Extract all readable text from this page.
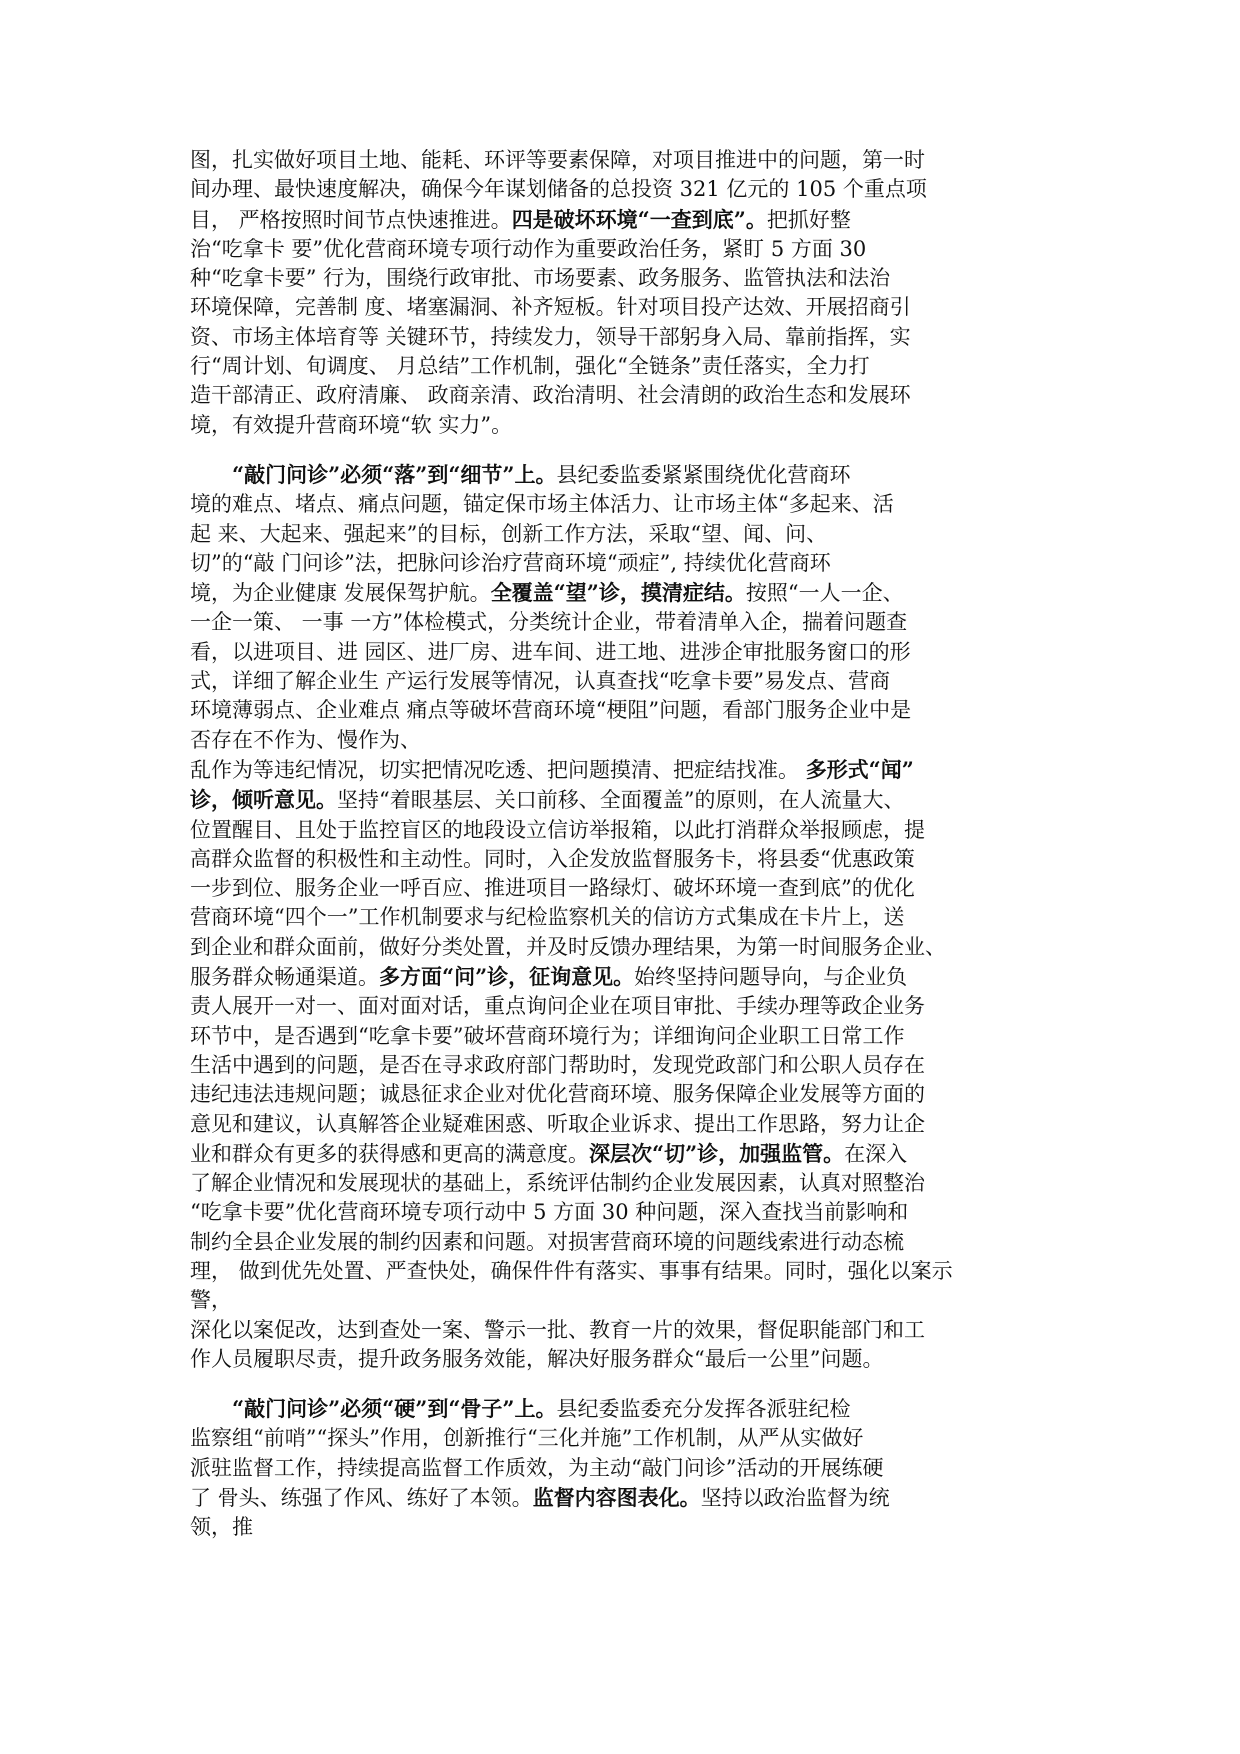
图，扎实做好项目土地、能耗、环评等要素保障，对项目推进中的问题，第一时
间办理、最快速度解决，确保今年谋划储备的总投资 321 亿元的 105 个重点项
目， 严格按照时间节点快速推进。四是破坏环境“一查到底”。把抓好整
治“吃拿卡 要”优化营商环境专项行动作为重要政治任务，紧盯 5 方面 30
种“吃拿卡要” 行为，围绕行政审批、市场要素、政务服务、监管执法和法治
环境保障，完善制 度、堵塞漏洞、补齐短板。针对项目投产达效、开展招商引
资、市场主体培育等 关键环节，持续发力，领导干部躬身入局、靠前指挥，实
行“周计划、旬调度、 月总结”工作机制，强化“全链条”责任落实，全力打
造干部清正、政府清廉、 政商亲清、政治清明、社会清朗的政治生态和发展环
境，有效提升营商环境“软 实力”。
“敲门问诊”必须“落”到“细节”上。县纪委监委紧紧围绕优化营商环
境的难点、堵点、痛点问题，锚定保市场主体活力、让市场主体“多起来、活
起 来、大起来、强起来”的目标，创新工作方法，采取“望、闻、问、
切”的“敲 门问诊”法，把脉问诊治疗营商环境“顽症”, 持续优化营商环
境，为企业健康 发展保驾护航。全覆盖“望”诊，摸清症结。按照“一人一企、
一企一策、 一事 一方”体检模式，分类统计企业，带着清单入企，揣着问题查
看，以进项目、进 园区、进厂房、进车间、进工地、进涉企审批服务窗口的形
式，详细了解企业生 产运行发展等情况，认真查找“吃拿卡要”易发点、营商
环境薄弱点、企业难点 痛点等破坏营商环境“梗阻”问题，看部门服务企业中是
否存在不作为、慢作为、
乱作为等违纪情况，切实把情况吃透、把问题摸清、把症结找准。 多形式“闻”
诊，倾听意见。坚持“着眼基层、关口前移、全面覆盖”的原则，在人流量大、
位置醒目、且处于监控盲区的地段设立信访举报箱，以此打消群众举报顾虑，提
高群众监督的积极性和主动性。同时，入企发放监督服务卡，将县委“优惠政策
一步到位、服务企业一呼百应、推进项目一路绿灯、破坏环境一查到底”的优化
营商环境“四个一”工作机制要求与纪检监察机关的信访方式集成在卡片上，送
到企业和群众面前，做好分类处置，并及时反馈办理结果，为第一时间服务企业、
服务群众畅通渠道。多方面“问”诊，征询意见。始终坚持问题导向，与企业负
责人展开一对一、面对面对话，重点询问企业在项目审批、手续办理等政企业务
环节中，是否遇到“吃拿卡要”破坏营商环境行为；详细询问企业职工日常工作
生活中遇到的问题，是否在寻求政府部门帮助时，发现党政部门和公职人员存在
违纪违法违规问题；诚恳征求企业对优化营商环境、服务保障企业发展等方面的
意见和建议，认真解答企业疑难困惑、听取企业诉求、提出工作思路，努力让企
业和群众有更多的获得感和更高的满意度。深层次“切”诊，加强监管。在深入
了解企业情况和发展现状的基础上，系统评估制约企业发展因素，认真对照整治
“吃拿卡要”优化营商环境专项行动中 5 方面 30 种问题，深入查找当前影响和
制约全县企业发展的制约因素和问题。对损害营商环境的问题线索进行动态梳
理， 做到优先处置、严查快处，确保件件有落实、事事有结果。同时，强化以案示
警，
深化以案促改，达到查处一案、警示一批、教育一片的效果，督促职能部门和工
作人员履职尽责，提升政务服务效能，解决好服务群众“最后一公里”问题。
“敲门问诊”必须“硬”到“骨子”上。县纪委监委充分发挥各派驻纪检
监察组“前哨”“探头”作用，创新推行“三化并施”工作机制，从严从实做好
派驻监督工作，持续提高监督工作质效，为主动“敲门问诊”活动的开展练硬
了 骨头、练强了作风、练好了本领。监督内容图表化。坚持以政治监督为统
领，推
